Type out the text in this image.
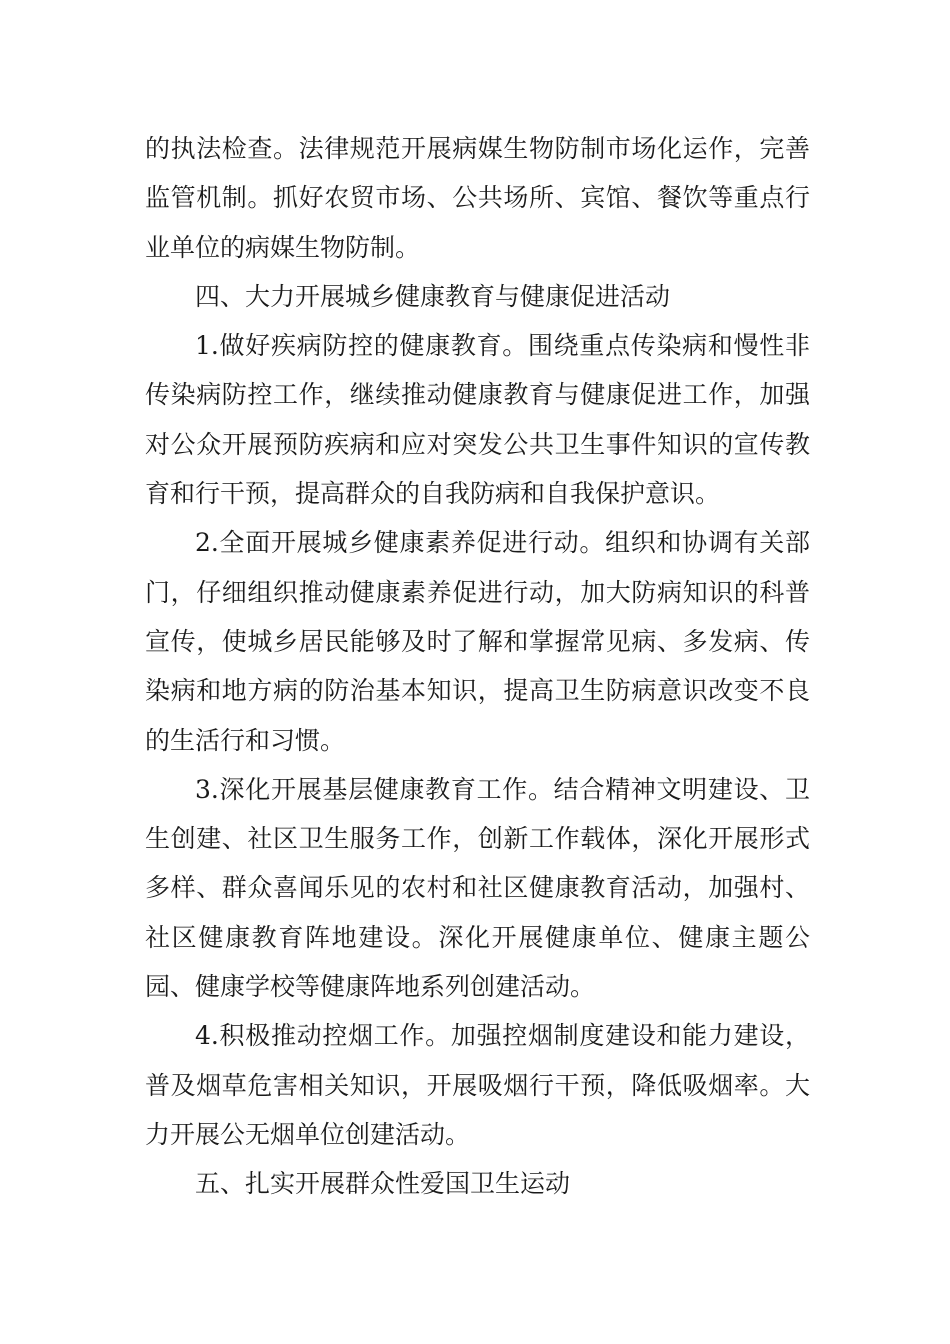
的执法检查。法律规范开展病媒生物防制市场化运作，完善监管机制。抓好农贸市场、公共场所、宾馆、餐饮等重点行业单位的病媒生物防制。

四、大力开展城乡健康教育与健康促进活动

1.做好疾病防控的健康教育。围绕重点传染病和慢性非传染病防控工作，继续推动健康教育与健康促进工作，加强对公众开展预防疾病和应对突发公共卫生事件知识的宣传教育和行干预，提高群众的自我防病和自我保护意识。

2.全面开展城乡健康素养促进行动。组织和协调有关部门，仔细组织推动健康素养促进行动，加大防病知识的科普宣传，使城乡居民能够及时了解和掌握常见病、多发病、传染病和地方病的防治基本知识，提高卫生防病意识改变不良的生活行和习惯。

3.深化开展基层健康教育工作。结合精神文明建设、卫生创建、社区卫生服务工作，创新工作载体，深化开展形式多样、群众喜闻乐见的农村和社区健康教育活动，加强村、社区健康教育阵地建设。深化开展健康单位、健康主题公园、健康学校等健康阵地系列创建活动。

4.积极推动控烟工作。加强控烟制度建设和能力建设，普及烟草危害相关知识，开展吸烟行干预，降低吸烟率。大力开展公无烟单位创建活动。

五、扎实开展群众性爱国卫生运动
